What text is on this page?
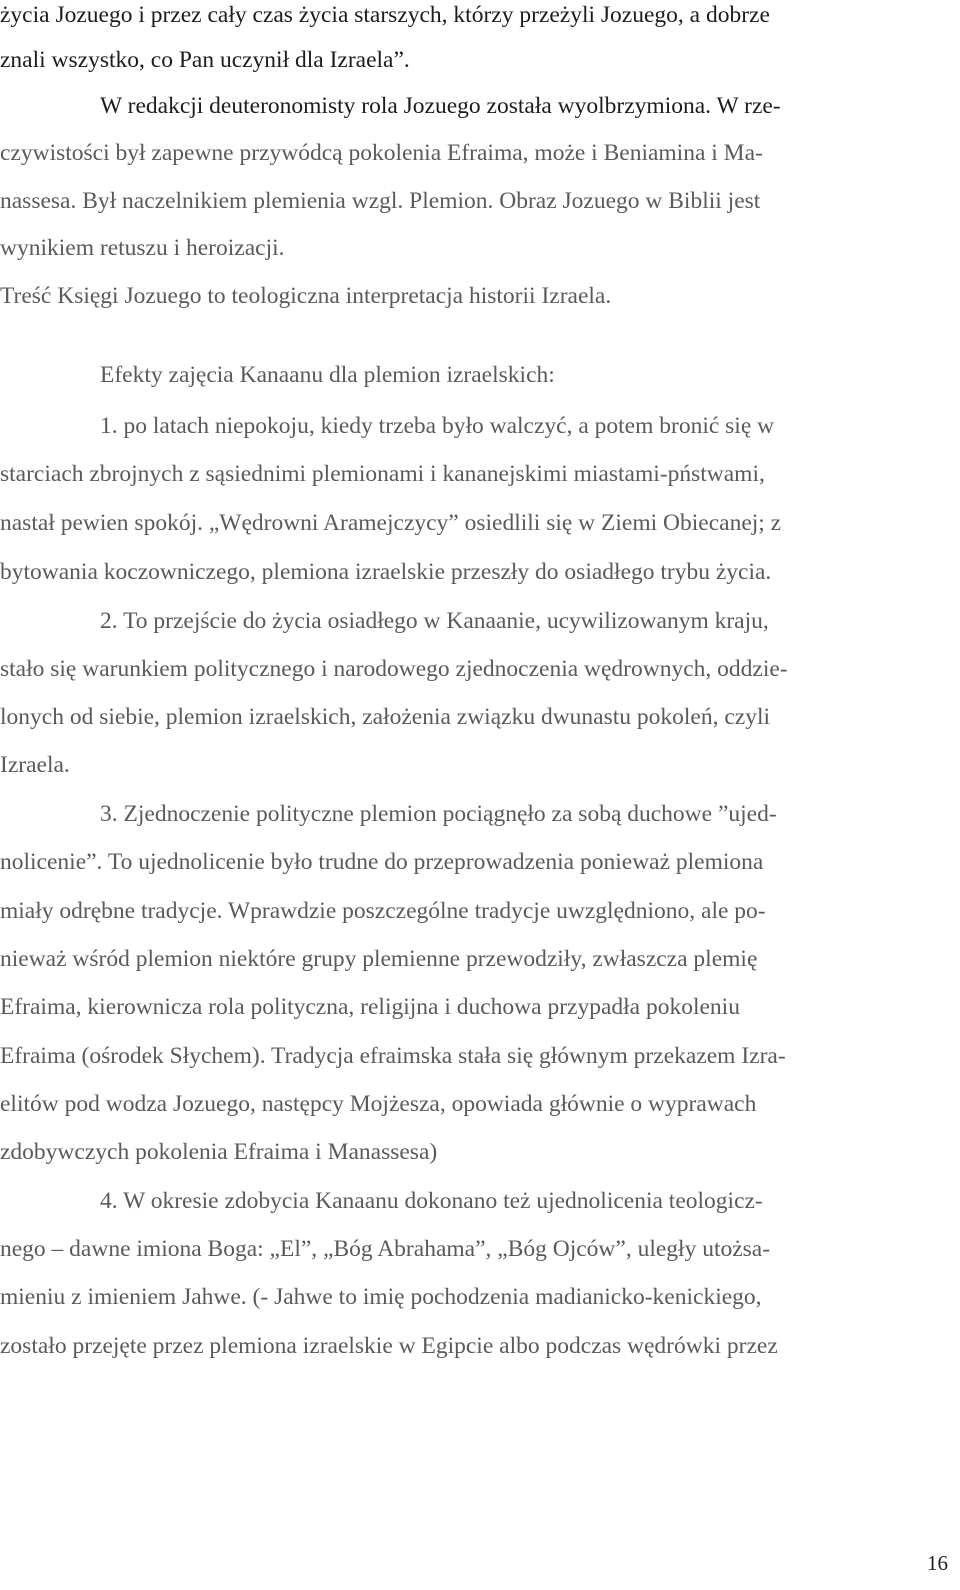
życia Jozuego i przez cały czas życia starszych, którzy przeżyli Jozuego, a dobrze
znali wszystko, co Pan uczynił dla Izraela”.
W redakcji deuteronomisty rola Jozuego została wyolbrzymiona. W rze-
czywistości był zapewne przywódcą pokolenia Efraima, może i Beniamina i Ma-
nassesa. Był naczelnikiem plemienia wzgl. Plemion. Obraz Jozuego w Biblii jest
wynikiem retuszu i heroizacji.
Treść Księgi Jozuego to teologiczna interpretacja historii Izraela.
Efekty zajęcia Kanaanu dla plemion izraelskich:
1. po latach niepokoju, kiedy trzeba było walczyć, a potem bronić się w
starciach zbrojnych z sąsiednimi plemionami i kananejskimi miastami-pństwami,
nastał pewien spokój. „Wędrowni Aramejczycy” osiedlili się w Ziemi Obiecanej; z
bytowania koczowniczego, plemiona izraelskie przeszły do osiadłego trybu życia.
2. To przejście do życia osiadłego w Kanaanie, ucywilizowanym kraju,
stało się warunkiem politycznego i narodowego zjednoczenia wędrownych, oddzie-
lonych od siebie, plemion izraelskich, założenia związku dwunastu pokoleń, czyli
Izraela.
3. Zjednoczenie polityczne plemion pociągnęło za sobą duchowe ”ujed-
nolicenie”. To ujednolicenie było trudne do przeprowadzenia ponieważ plemiona
miały odrębne tradycje. Wprawdzie poszczególne tradycje uwzględniono, ale po-
nieważ wśród plemion niektóre grupy plemienne przewodziły, zwłaszcza plemię
Efraima, kierownicza rola polityczna, religijna i duchowa przypadła pokoleniu
Efraima (ośrodek Słychem). Tradycja efraimska stała się głównym przekazem Izra-
elitów pod wodza Jozuego, następcy Mojżesza, opowiada głównie o wyprawach
zdobywczych pokolenia Efraima i Manassesa)
4. W okresie zdobycia Kanaanu dokonano też ujednolicenia teologicz-
nego – dawne imiona Boga: „El”, „Bóg Abrahama”, „Bóg Ojców”, uległy utożsa-
mieniu z imieniem Jahwe. (- Jahwe to imię pochodzenia madianicko-kenickiego,
zostało przejęte przez plemiona izraelskie w Egipcie albo podczas wędrówki przez
16
